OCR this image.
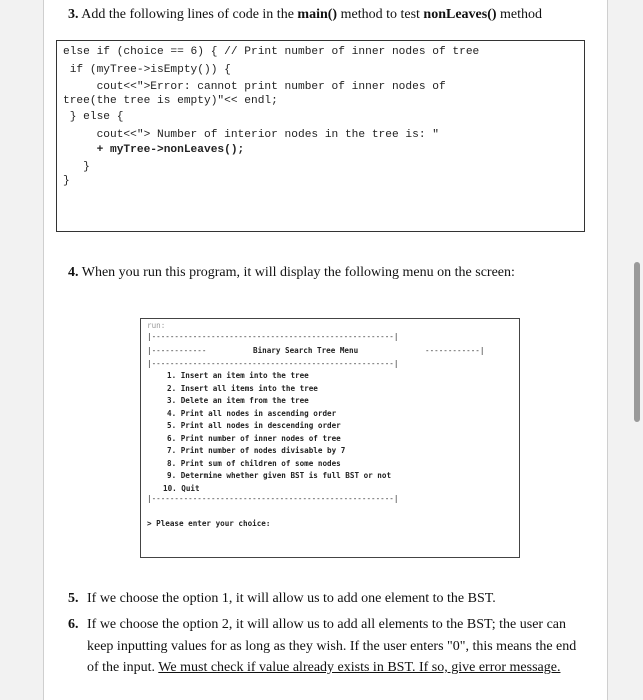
3. Add the following lines of code in the main() method to test nonLeaves() method
else if (choice == 6) { // Print number of inner nodes of tree
if (myTree->isEmpty()) {
cout<<">Error: cannot print number of inner nodes of
tree(the tree is empty)"<< endl;
} else {
cout<<"> Number of interior nodes in the tree is: "
+ myTree->nonLeaves();
}
}
4. When you run this program, it will display the following menu on the screen:
run:
|-----------------------------------------------------|
|------------	Binary Search Tree Menu	------------|
|-----------------------------------------------------|
1. Insert an item into the tree
2. Insert all items into the tree
3. Delete an item from the tree
4. Print all nodes in ascending order
5. Print all nodes in descending order
6. Print number of inner nodes of tree
7. Print number of nodes divisable by 7
8. Print sum of children of some nodes
9. Determine whether given BST is full BST or not
10. Quit
|-----------------------------------------------------|
> Please enter your choice:
5. If we choose the option 1, it will allow us to add one element to the BST.
6. If we choose the option 2, it will allow us to add all elements to the BST; the user can keep inputting values for as long as they wish. If the user enters "0", this means the end of the input. We must check if value already exists in BST. If so, give error message.
